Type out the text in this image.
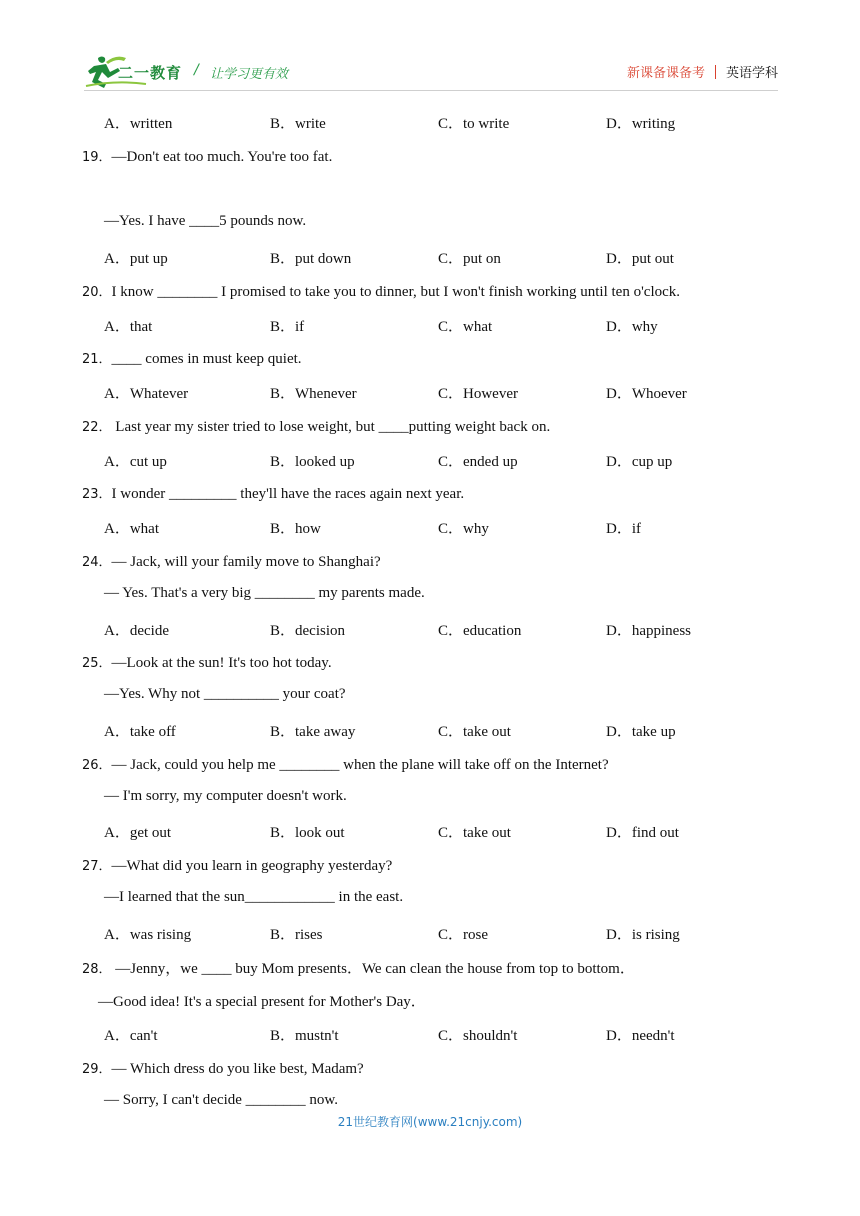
二一教育 / 让学习更有效	新课备课备考 英语学科
A．written	B．write	C．to write	D．writing
19．—Don't eat too much. You're too fat.
—Yes. I have ____5 pounds now.
A．put up	B．put down	C．put on	D．put out
20．I know ________ I promised to take you to dinner, but I won't finish working until ten o'clock.
A．that	B．if	C．what	D．why
21．____ comes in must keep quiet.
A．Whatever	B．Whenever	C．However	D．Whoever
22． Last year my sister tried to lose weight, but ____putting weight back on.
A．cut up	B．looked up	C．ended up	D．cup up
23．I wonder _________ they'll have the races again next year.
A．what	B．how	C．why	D．if
24．— Jack, will your family move to Shanghai?
— Yes. That's a very big ________ my parents made.
A．decide	B．decision	C．education	D．happiness
25．—Look at the sun! It's too hot today.
—Yes. Why not __________ your coat?
A．take off	B．take away	C．take out	D．take up
26．— Jack, could you help me ________ when the plane will take off on the Internet?
— I'm sorry, my computer doesn't work.
A．get out	B．look out	C．take out	D．find out
27．—What did you learn in geography yesterday?
—I learned that the sun____________ in the east.
A．was rising	B．rises	C．rose	D．is rising
28． —Jenny，we ____ buy Mom presents．We can clean the house from top to bottom．
—Good idea! It's a special present for Mother's Day．
A．can't	B．mustn't	C．shouldn't	D．needn't
29．— Which dress do you like best, Madam?
— Sorry, I can't decide ________ now.
21世纪教育网(www.21cnjy.com)
